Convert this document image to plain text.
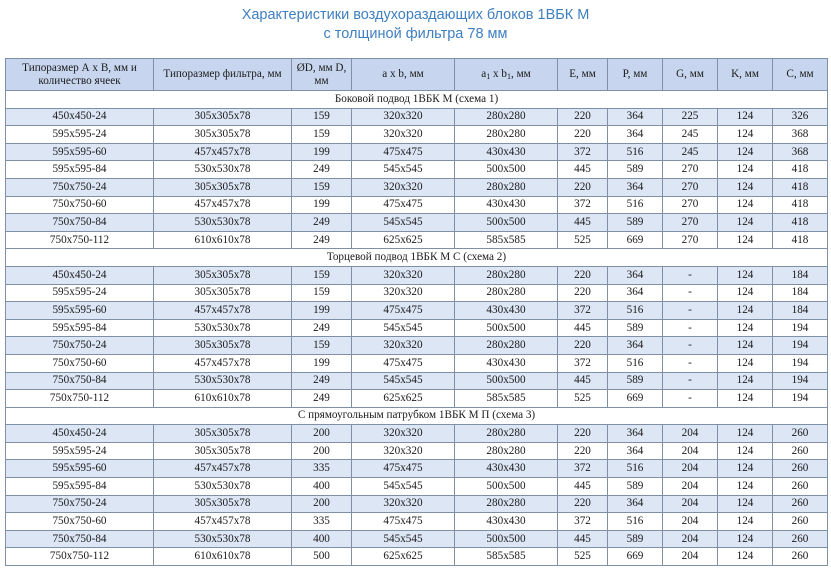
Характеристики воздухораздающих блоков 1ВБК М

с толщиной фильтра 78 мм

Типоразмер А х В, мм и количество ячеек	Типоразмер фильтра, мм	ØD, мм D, мм	a x b, мм	$a_1$ x $b_1$, мм	E, мм	P, мм	G, мм	K, мм	C, мм
Боковой подвод 1ВБК М (схема 1)									
450х450-24	305х305х78	159	320х320	280х280	220	364	225	124	326
595х595-24	305х305х78	159	320х320	280х280	220	364	245	124	368
595х595-60	457х457х78	199	475х475	430х430	372	516	245	124	368
595х595-84	530х530х78	249	545х545	500х500	445	589	270	124	418
750х750-24	305х305х78	159	320х320	280х280	220	364	270	124	418
750х750-60	457х457х78	199	475х475	430х430	372	516	270	124	418
750х750-84	530х530х78	249	545х545	500х500	445	589	270	124	418
750х750-112	610х610х78	249	625х625	585х585	525	669	270	124	418
Торцевой подвод 1ВБК М С (схема 2)									
450х450-24	305х305х78	159	320х320	280х280	220	364	-	124	184
595х595-24	305х305х78	159	320х320	280х280	220	364	-	124	184
595х595-60	457х457х78	199	475х475	430х430	372	516	-	124	184
595х595-84	530х530х78	249	545х545	500х500	445	589	-	124	194
750х750-24	305х305х78	159	320х320	280х280	220	364	-	124	194
750х750-60	457х457х78	199	475х475	430х430	372	516	-	124	194
750х750-84	530х530х78	249	545х545	500х500	445	589	-	124	194
750х750-112	610х610х78	249	625х625	585х585	525	669	-	124	194
С прямоугольным патрубком 1ВБК М П (схема 3)									
450х450-24	305х305х78	200	320х320	280х280	220	364	204	124	260
595х595-24	305х305х78	200	320х320	280х280	220	364	204	124	260
595х595-60	457х457х78	335	475х475	430х430	372	516	204	124	260
595х595-84	530х530х78	400	545х545	500х500	445	589	204	124	260
750х750-24	305х305х78	200	320х320	280х280	220	364	204	124	260
750х750-60	457х457х78	335	475х475	430х430	372	516	204	124	260
750х750-84	530х530х78	400	545х545	500х500	445	589	204	124	260
750х750-112	610х610х78	500	625х625	585х585	525	669	204	124	260
